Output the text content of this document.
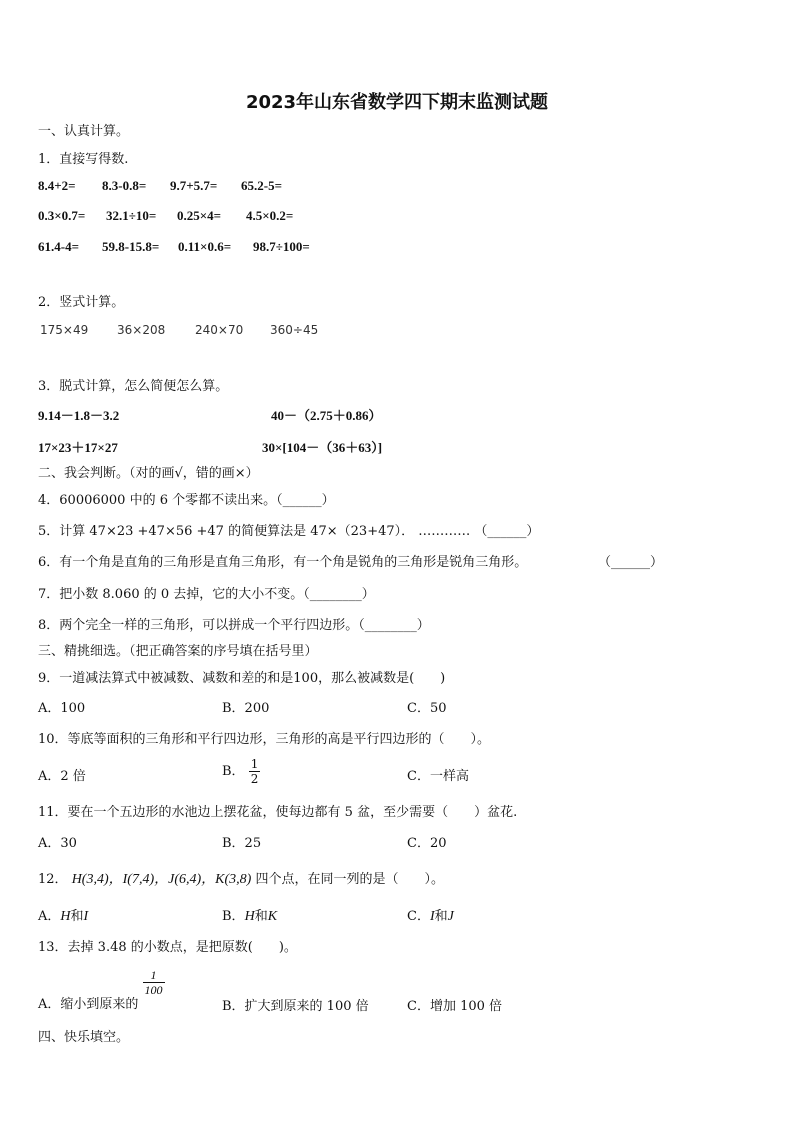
2023年山东省数学四下期末监测试题
一、认真计算。
1．直接写得数.
8.4+2= 8.3-0.8= 9.7+5.7= 65.2-5=
0.3×0.7= 32.1÷10= 0.25×4= 4.5×0.2=
61.4-4= 59.8-15.8= 0.11×0.6= 98.7÷100=
2．竖式计算。
175×49 36×208 240×70 360÷45
3．脱式计算，怎么简便怎么算。
9.14－1.8－3.2	40－（2.75＋0.86）
17×23＋17×27	30×[104－（36＋63）]
二、我会判断。（对的画√，错的画×）
4．60006000 中的 6 个零都不读出来。（______）
5．计算 47×23 +47×56 +47 的简便算法是 47×（23+47）． ………… （______）
6．有一个角是直角的三角形是直角三角形，有一个角是锐角的三角形是锐角三角形。	（______）
7．把小数 8.060 的 0 去掉，它的大小不变。（________）
8．两个完全一样的三角形，可以拼成一个平行四边形。（________）
三、精挑细选。（把正确答案的序号填在括号里）
9．一道减法算式中被减数、减数和差的和是100，那么被减数是(　　)
A．100	B．200	C．50
10．等底等面积的三角形和平行四边形，三角形的高是平行四边形的（　　）。
A．2 倍	B． $\frac{1}{2}$	C．一样高
11．要在一个五边形的水池边上摆花盆，使每边都有 5 盆，至少需要（　　）盆花.
A．30	B．25	C．20
12． H(3,4)，I(7,4)，J(6,4)，K(3,8) 四个点，在同一列的是（　　）。
A．H和I	B．H和K	C．I和J
13．去掉 3.48 的小数点，是把原数(　　)。
A．缩小到原来的
$\frac{1}{100}$
B．扩大到原来的 100 倍	C．增加 100 倍
四、快乐填空。
